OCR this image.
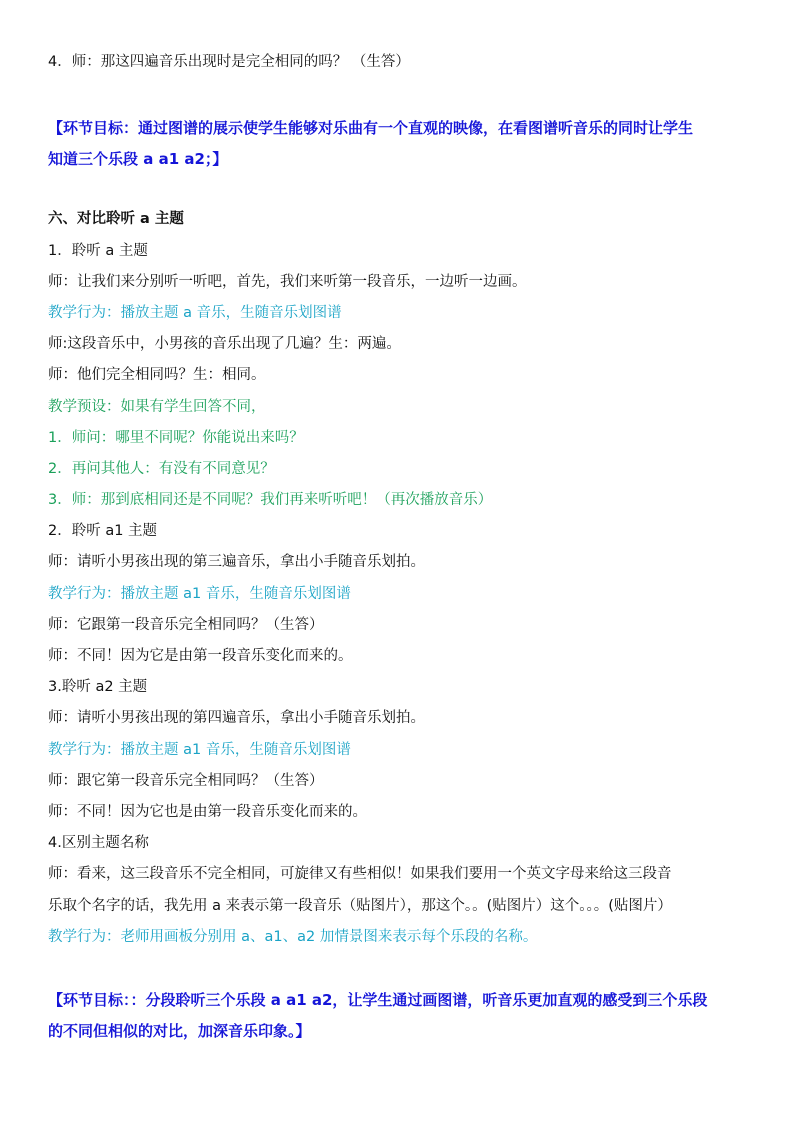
4．师：那这四遍音乐出现时是完全相同的吗？ （生答）
【环节目标：通过图谱的展示使学生能够对乐曲有一个直观的映像，在看图谱听音乐的同时让学生
知道三个乐段 a a1 a2；】
六、对比聆听 a 主题
1．聆听 a 主题
师：让我们来分别听一听吧，首先，我们来听第一段音乐，一边听一边画。
教学行为：播放主题 a 音乐，生随音乐划图谱
师:这段音乐中，小男孩的音乐出现了几遍？生：两遍。
师：他们完全相同吗？生：相同。
教学预设：如果有学生回答不同，
1．师问：哪里不同呢？你能说出来吗？
2．再问其他人：有没有不同意见？
3．师：那到底相同还是不同呢？我们再来听听吧！（再次播放音乐）
2．聆听 a1 主题
师：请听小男孩出现的第三遍音乐，拿出小手随音乐划拍。
教学行为：播放主题 a1 音乐，生随音乐划图谱
师：它跟第一段音乐完全相同吗？（生答）
师：不同！因为它是由第一段音乐变化而来的。
3.聆听 a2 主题
师：请听小男孩出现的第四遍音乐，拿出小手随音乐划拍。
教学行为：播放主题 a1 音乐，生随音乐划图谱
师：跟它第一段音乐完全相同吗？（生答）
师：不同！因为它也是由第一段音乐变化而来的。
4.区别主题名称
师：看来，这三段音乐不完全相同，可旋律又有些相似！如果我们要用一个英文字母来给这三段音
乐取个名字的话，我先用 a 来表示第一段音乐（贴图片），那这个。。(贴图片）这个。。。(贴图片）
教学行为：老师用画板分别用 a、a1、a2 加情景图来表示每个乐段的名称。
【环节目标：：分段聆听三个乐段 a a1 a2，让学生通过画图谱，听音乐更加直观的感受到三个乐段
的不同但相似的对比，加深音乐印象。】
